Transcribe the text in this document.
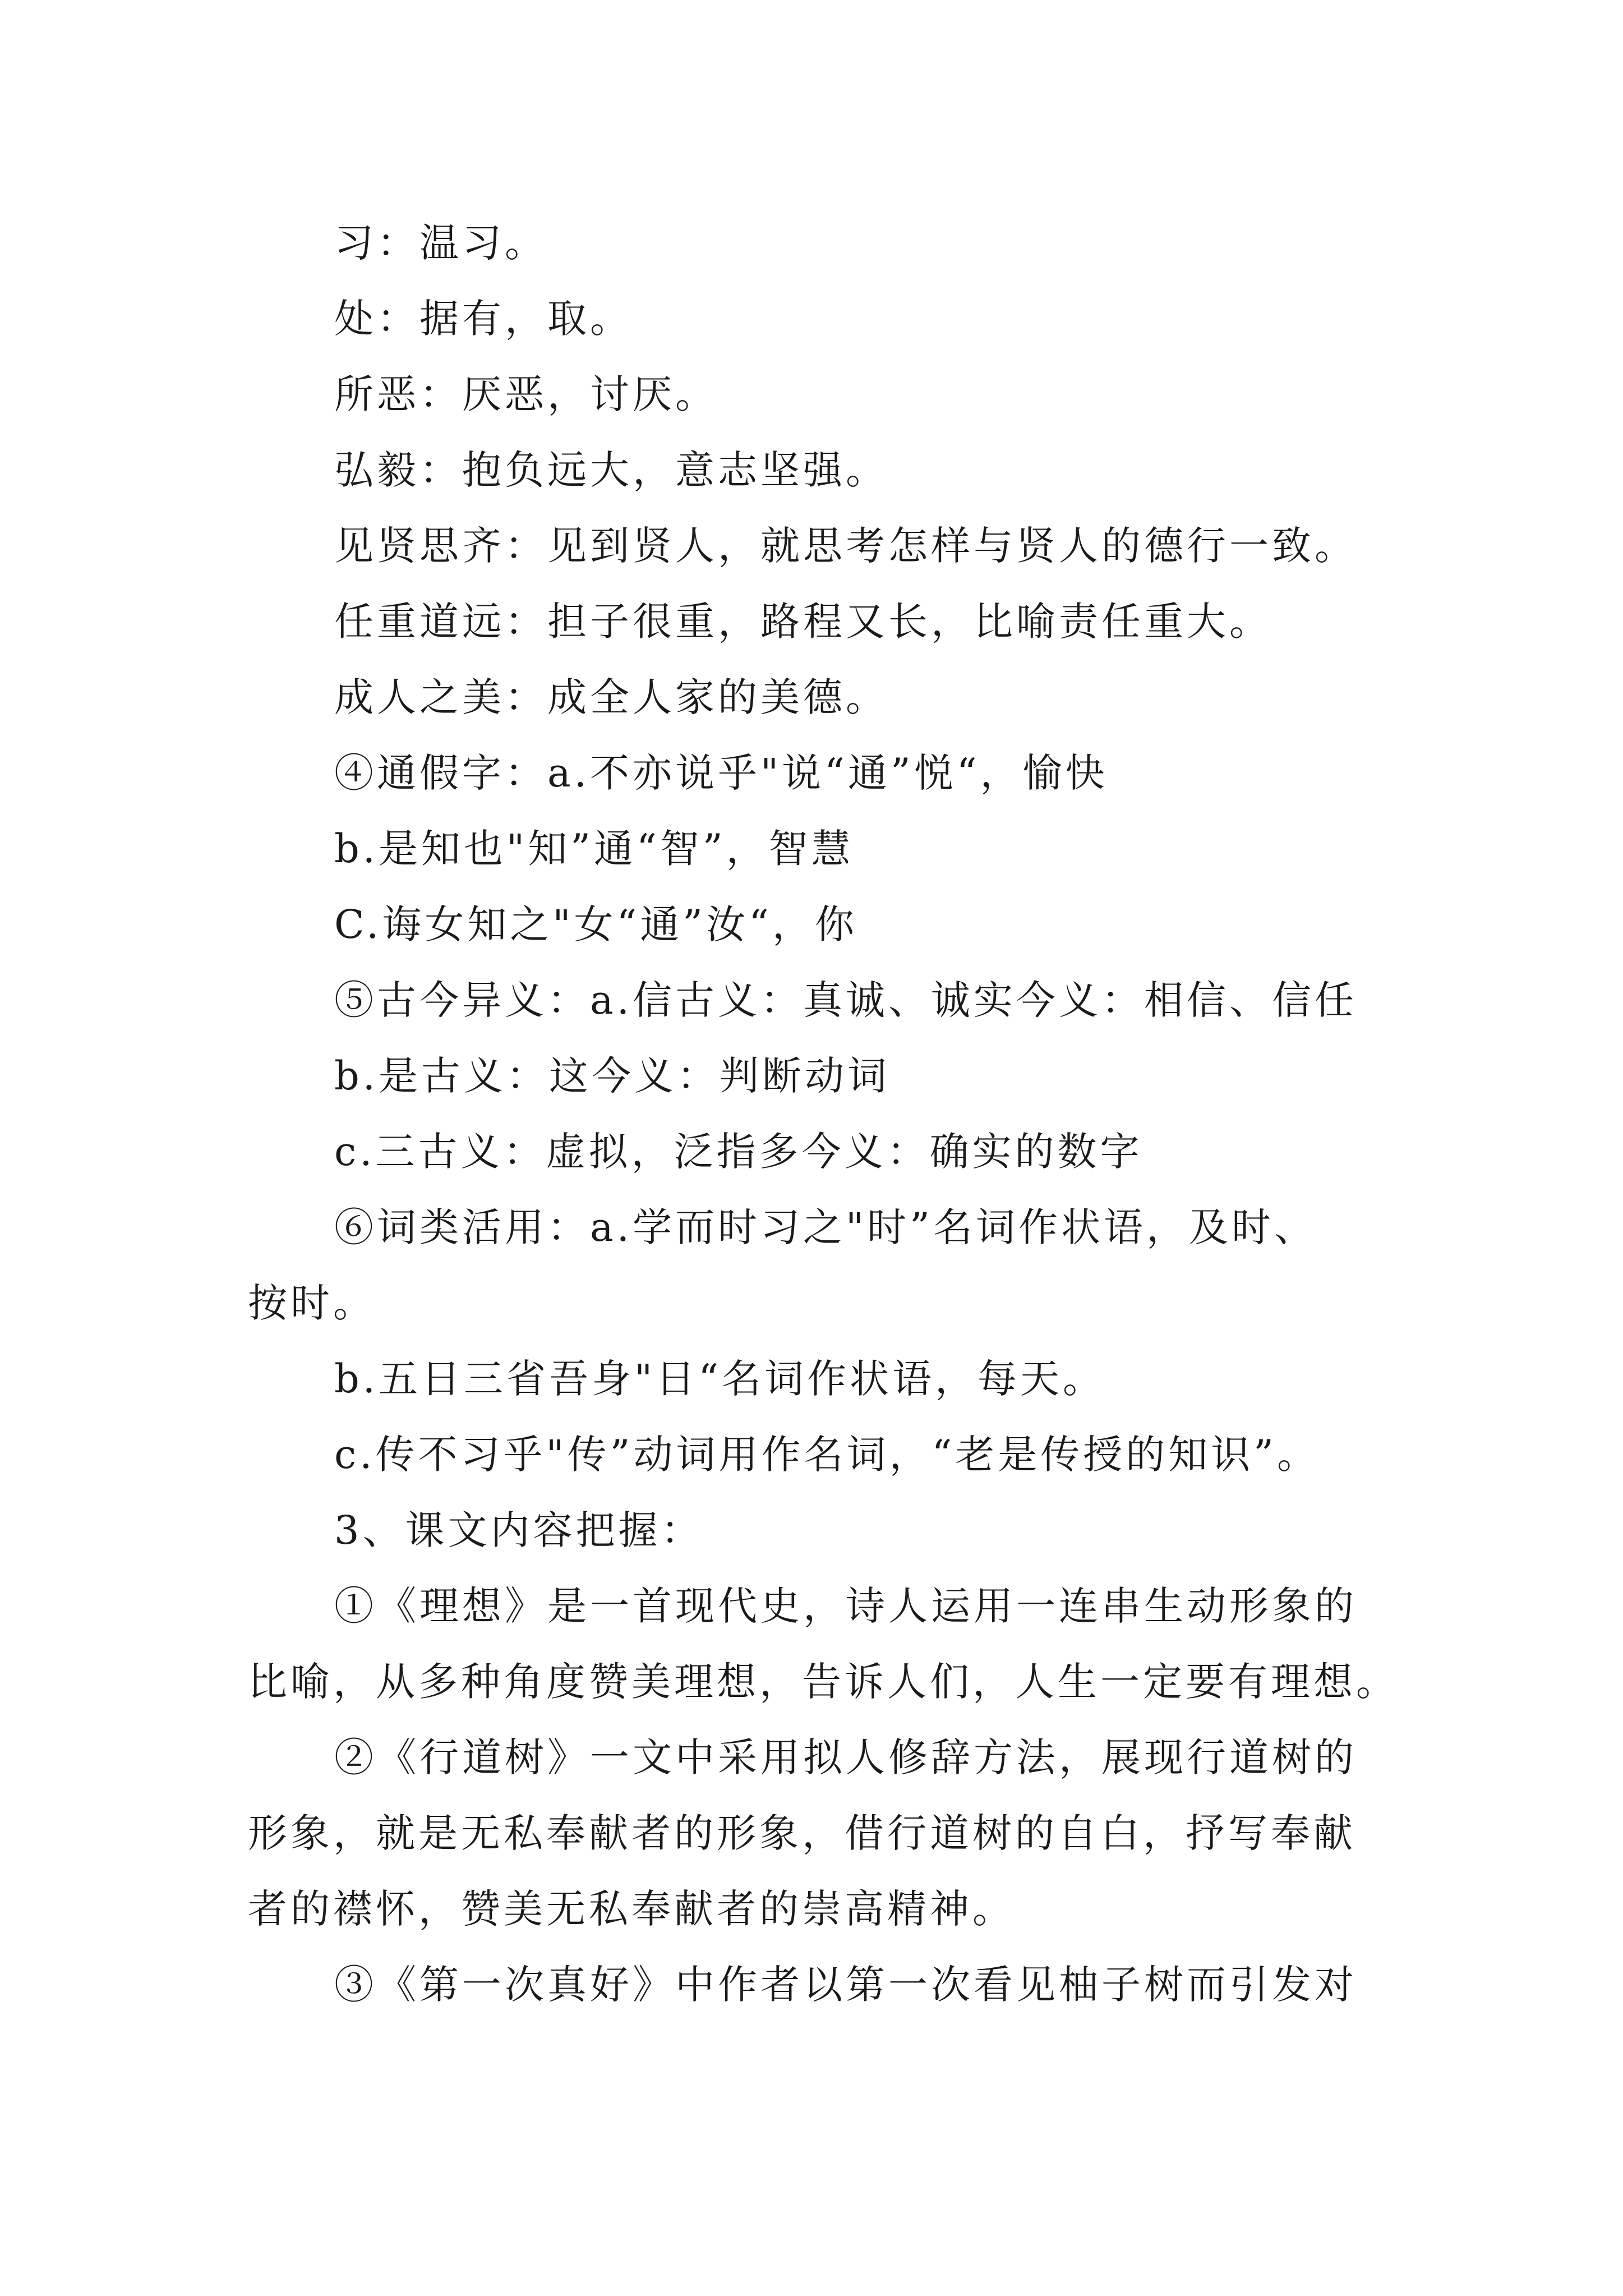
习：温习。
处：据有，取。
所恶：厌恶，讨厌。
弘毅：抱负远大，意志坚强。
见贤思齐：见到贤人，就思考怎样与贤人的德行一致。
任重道远：担子很重，路程又长，比喻责任重大。
成人之美：成全人家的美德。
④通假字：a.不亦说乎"说“通”悦“，愉快
b.是知也"知”通“智”，智慧
C.诲女知之"女“通”汝“，你
⑤古今异义：a.信古义：真诚、诚实今义：相信、信任
b.是古义：这今义：判断动词
c.三古义：虚拟，泛指多今义：确实的数字
⑥词类活用：a.学而时习之"时”名词作状语，及时、
按时。
b.五日三省吾身"日“名词作状语，每天。
c.传不习乎"传”动词用作名词，“老是传授的知识”。
3、课文内容把握：
①《理想》是一首现代史，诗人运用一连串生动形象的
比喻，从多种角度赞美理想，告诉人们，人生一定要有理想。
②《行道树》一文中采用拟人修辞方法，展现行道树的
形象，就是无私奉献者的形象，借行道树的自白，抒写奉献
者的襟怀，赞美无私奉献者的崇高精神。
③《第一次真好》中作者以第一次看见柚子树而引发对
